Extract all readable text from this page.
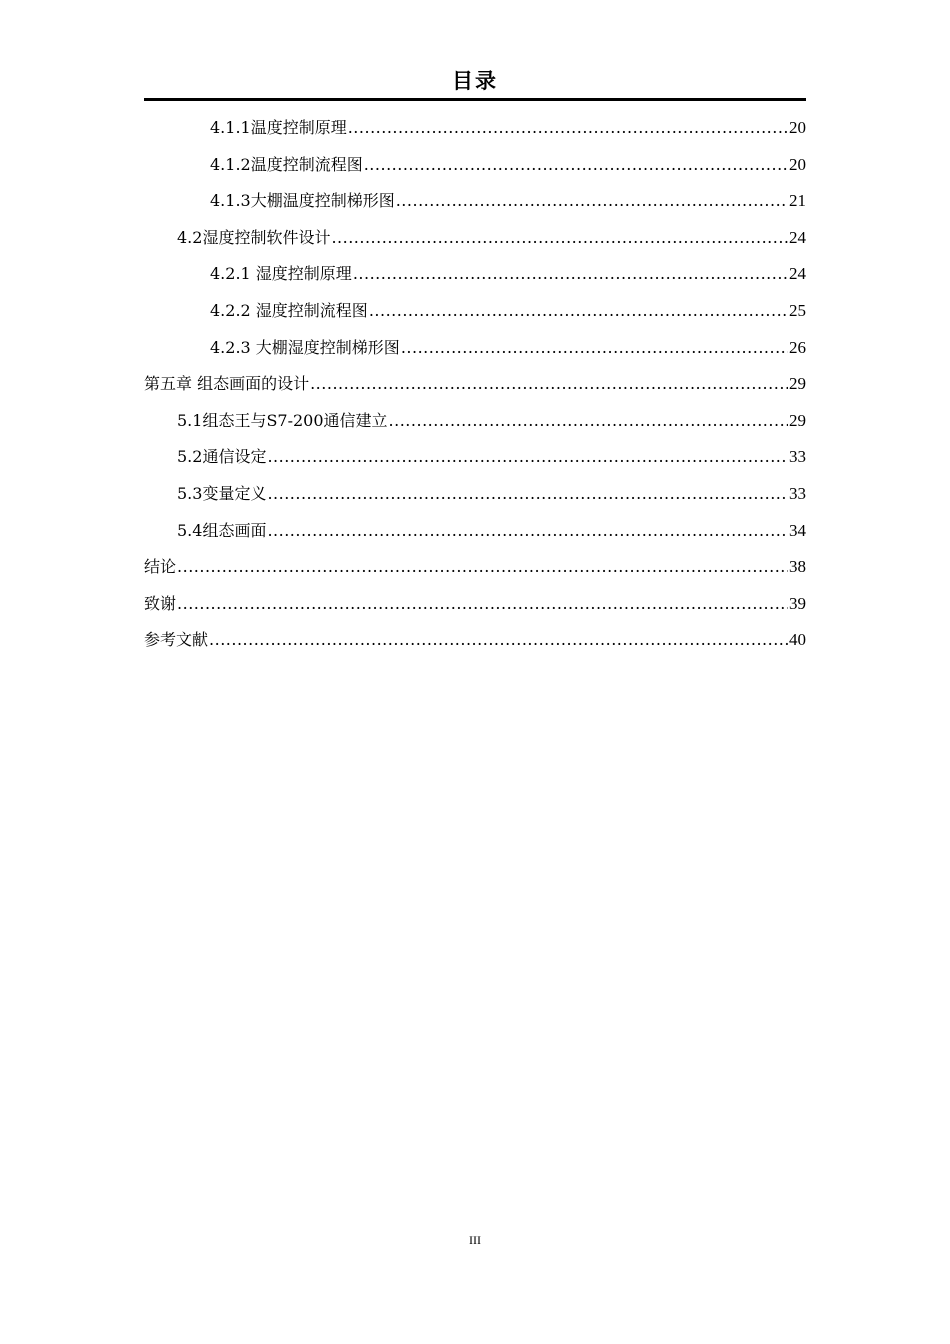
目录
4.1.1温度控制原理 .....	20
4.1.2温度控制流程图 .....	20
4.1.3大棚温度控制梯形图 .....	21
4.2湿度控制软件设计 .....	24
4.2.1 湿度控制原理 .....	24
4.2.2 湿度控制流程图 .....	25
4.2.3 大棚湿度控制梯形图 .....	26
第五章 组态画面的设计 .....	29
5.1组态王与S7-200通信建立 .....	29
5.2通信设定 .....	33
5.3变量定义 .....	33
5.4组态画面 .....	34
结论 .....	38
致谢 .....	39
参考文献 .....	40
III
